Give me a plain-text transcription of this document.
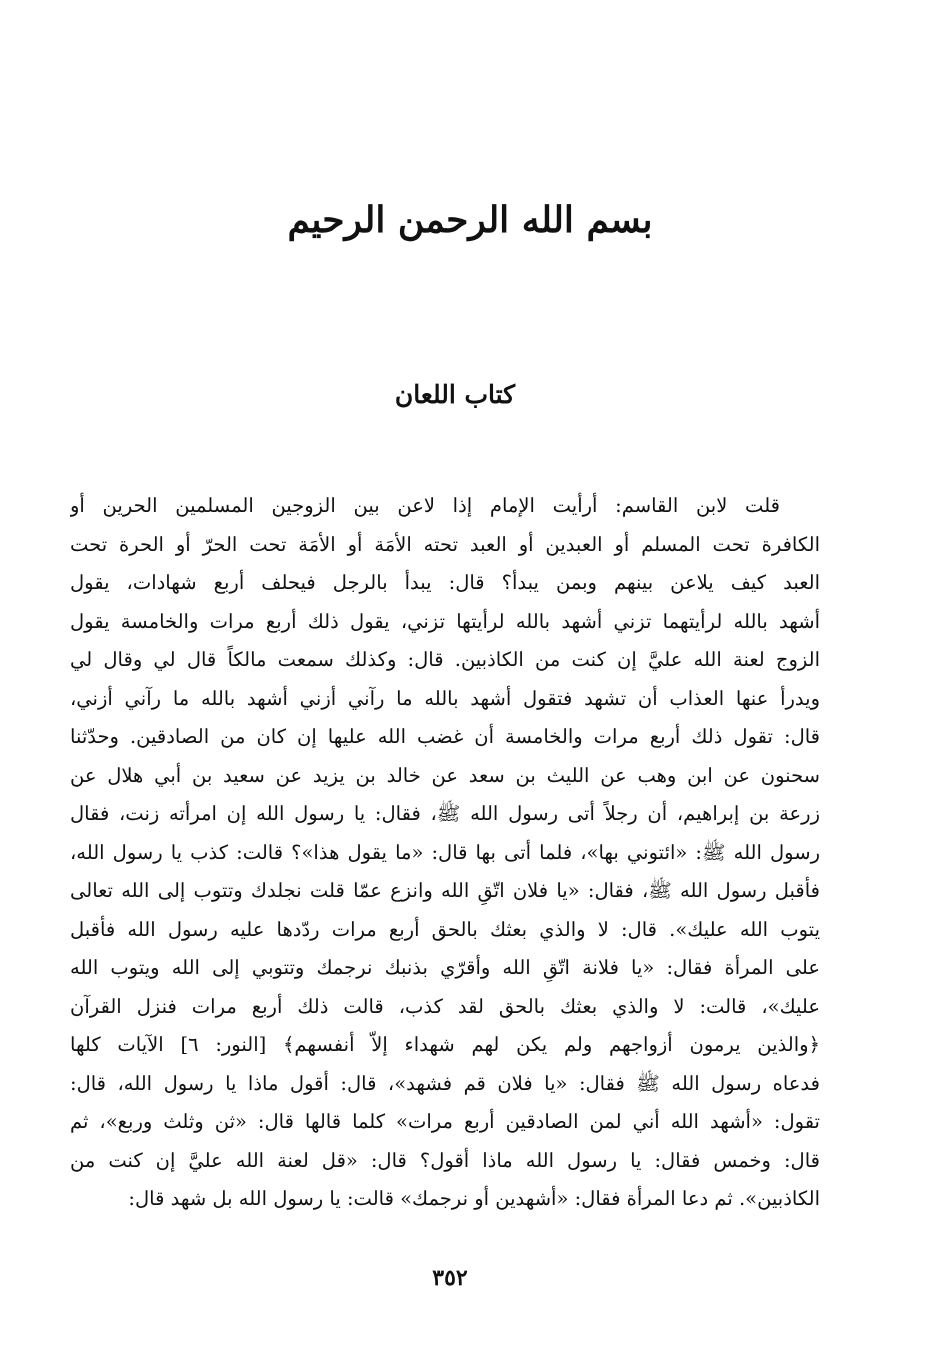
بسم الله الرحمن الرحيم
كتاب اللعان
قلت لابن القاسم: أرأيت الإمام إذا لاعن بين الزوجين المسلمين الحرين أو
الكافرة تحت المسلم أو العبدين أو العبد تحته الأمَة أو الأمَة تحت الحرّ أو الحرة تحت
العبد كيف يلاعن بينهم وبمن يبدأ؟ قال: يبدأ بالرجل فيحلف أربع شهادات، يقول
أشهد بالله لرأيتهما تزني أشهد بالله لرأيتها تزني، يقول ذلك أربع مرات والخامسة يقول
الزوج لعنة الله عليَّ إن كنت من الكاذبين. قال: وكذلك سمعت مالكاً قال لي وقال لي
ويدرأ عنها العذاب أن تشهد فتقول أشهد بالله ما رآني أزني أشهد بالله ما رآني أزني،
قال: تقول ذلك أربع مرات والخامسة أن غضب الله عليها إن كان من الصادقين. وحدّثنا
سحنون عن ابن وهب عن الليث بن سعد عن خالد بن يزيد عن سعيد بن أبي هلال عن
زرعة بن إبراهيم، أن رجلاً أتى رسول الله ﷺ، فقال: يا رسول الله إن امرأته زنت، فقال
رسول الله ﷺ: «ائتوني بها»، فلما أتى بها قال: «ما يقول هذا»؟ قالت: كذب يا رسول الله،
فأقبل رسول الله ﷺ، فقال: «يا فلان اتّقِ الله وانزع عمّا قلت نجلدك وتتوب إلى الله تعالى
يتوب الله عليك». قال: لا والذي بعثك بالحق أربع مرات ردّدها عليه رسول الله فأقبل
على المرأة فقال: «يا فلانة اتّقِ الله وأقرّي بذنبك نرجمك وتتوبي إلى الله ويتوب الله
عليك»، قالت: لا والذي بعثك بالحق لقد كذب، قالت ذلك أربع مرات فنزل القرآن
﴿والذين يرمون أزواجهم ولم يكن لهم شهداء إلاّ أنفسهم﴾ [النور: ٦] الآيات كلها
فدعاه رسول الله ﷺ فقال: «يا فلان قم فشهد»، قال: أقول ماذا يا رسول الله، قال:
تقول: «أشهد الله أني لمن الصادقين أربع مرات» كلما قالها قال: «ثن وثلث وربع»، ثم
قال: وخمس فقال: يا رسول الله ماذا أقول؟ قال: «قل لعنة الله عليَّ إن كنت من
الكاذبين». ثم دعا المرأة فقال: «أشهدين أو نرجمك» قالت: يا رسول الله بل شهد قال:
٣٥٢
